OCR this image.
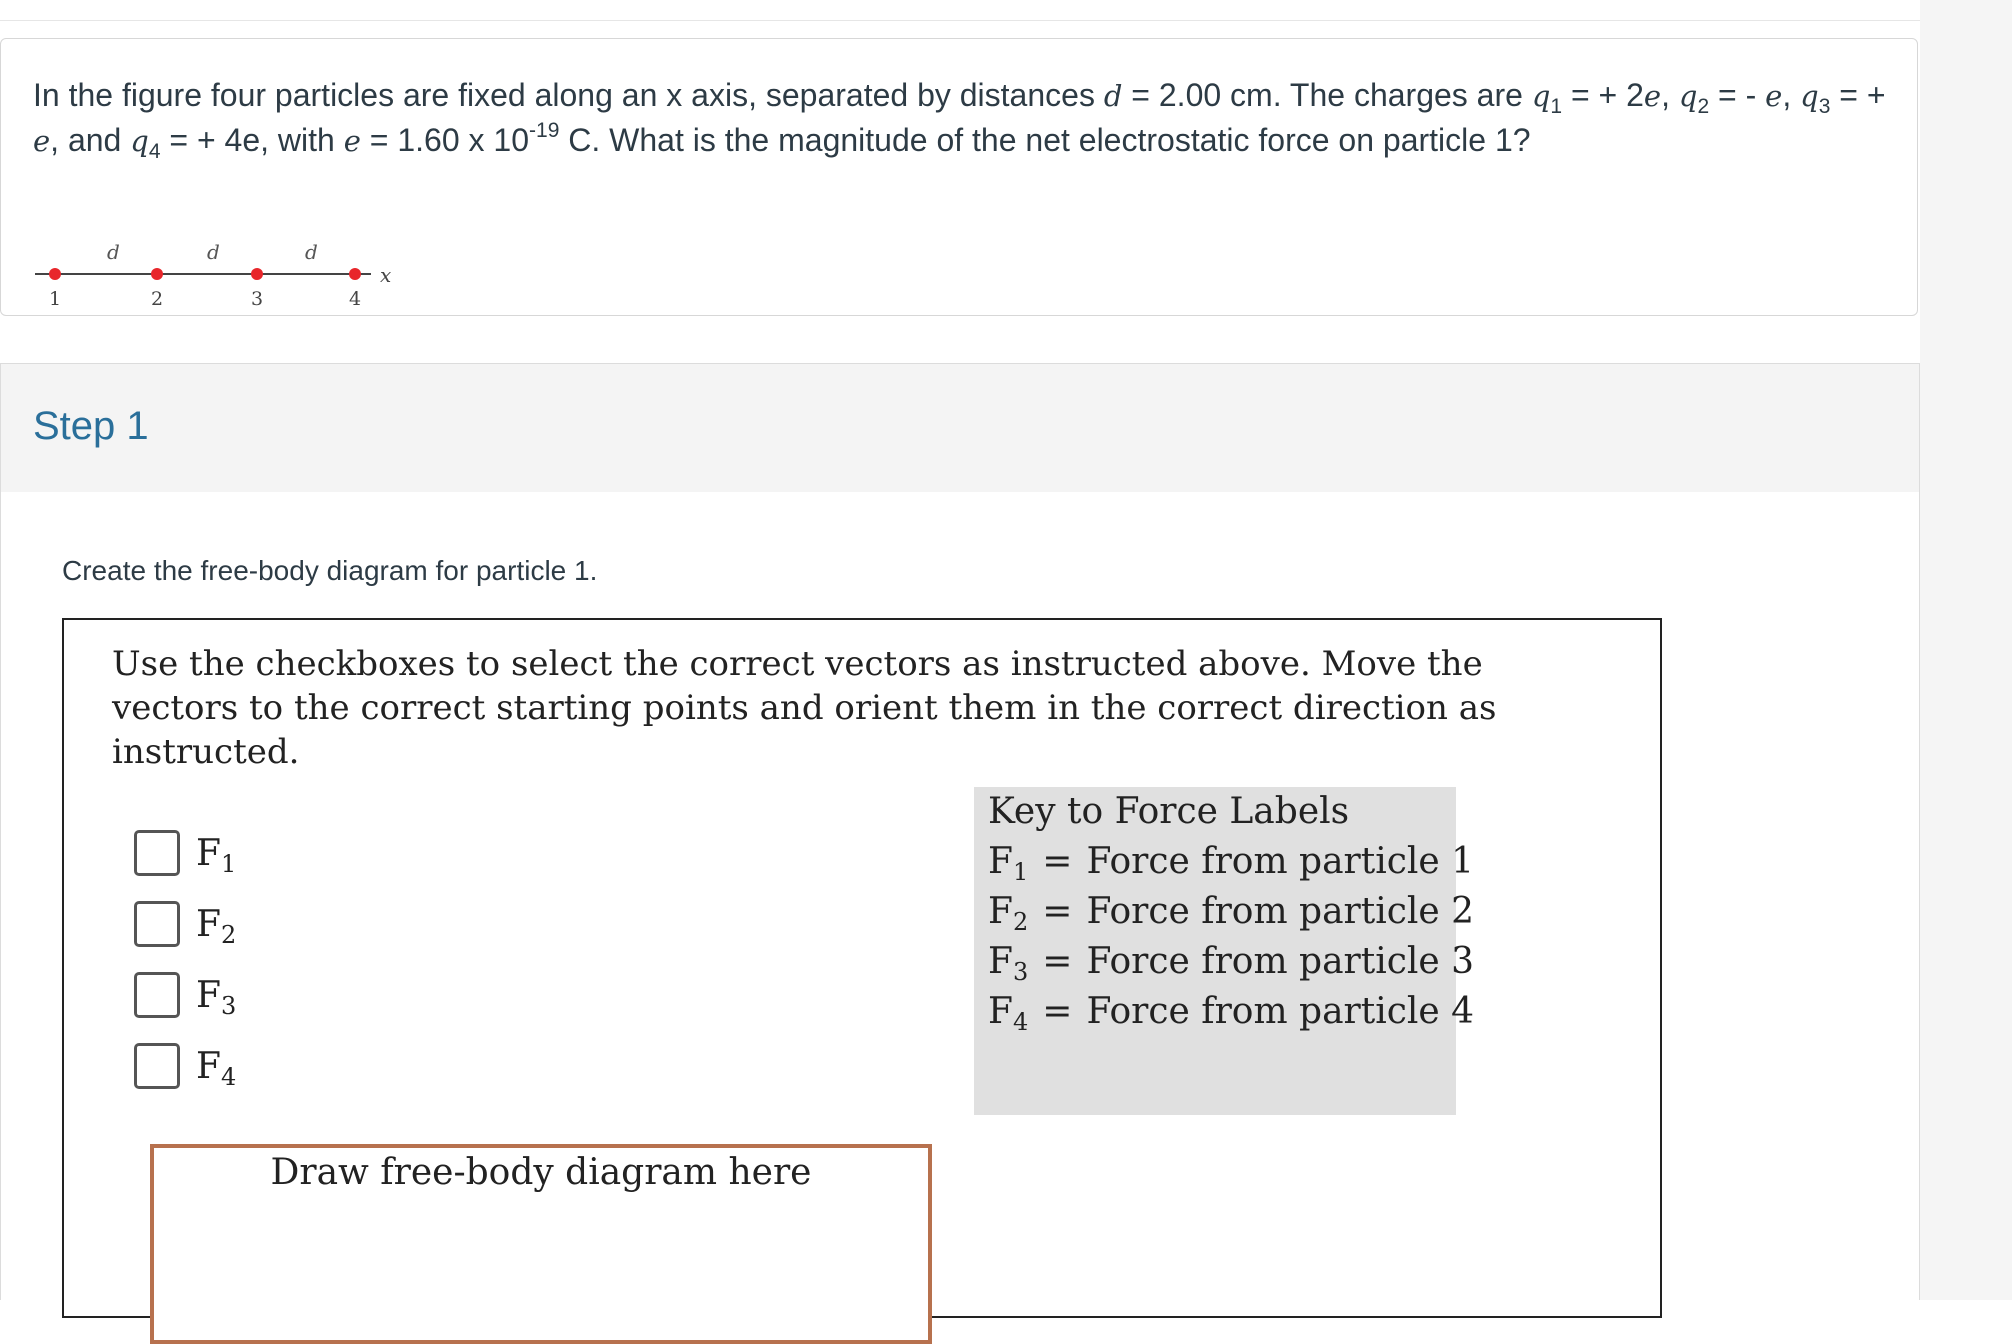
In the figure four particles are fixed along an x axis, separated by distances d = 2.00 cm. The charges are $q_1$ = + 2e, $q_2$ = - e, $q_3$ = + e, and $q_4$ = + 4e, with e = 1.60 x $10^{-19}$ C. What is the magnitude of the net electrostatic force on particle 1?
x
d	d	d
1	2	3	4
Step 1
Create the free-body diagram for particle 1.
Use the checkboxes to select the correct vectors as instructed above. Move the vectors to the correct starting points and orient them in the correct direction as instructed.
$F_1$
$F_2$
$F_3$
$F_4$
Key to Force Labels
$F_1$ = Force from particle 1
$F_2$ = Force from particle 2
$F_3$ = Force from particle 3
$F_4$ = Force from particle 4
Draw free-body diagram here
